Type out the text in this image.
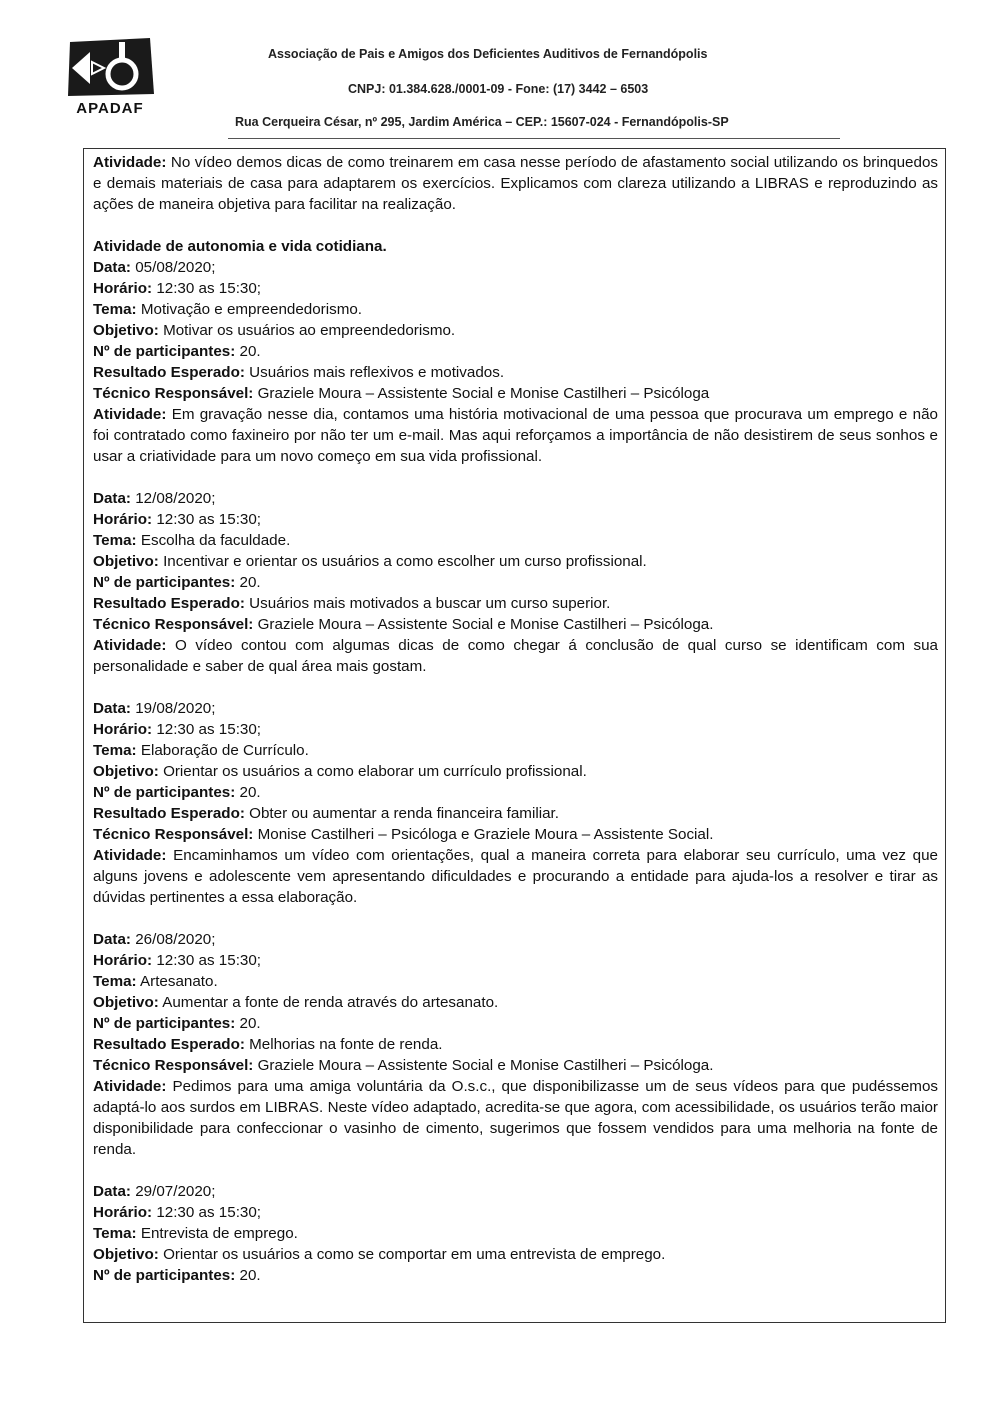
APADAF
Associação de Pais e Amigos dos Deficientes Auditivos de Fernandópolis
CNPJ: 01.384.628./0001-09 - Fone: (17) 3442 – 6503
Rua Cerqueira César, nº 295, Jardim América – CEP.: 15607-024 - Fernandópolis-SP
Atividade: No vídeo demos dicas de como treinarem em casa nesse período de afastamento social utilizando os brinquedos e demais materiais de casa para adaptarem os exercícios. Explicamos com clareza utilizando a LIBRAS e reproduzindo as ações de maneira objetiva para facilitar na realização.
Atividade de autonomia e vida cotidiana.
Data: 05/08/2020;
Horário: 12:30 as 15:30;
Tema: Motivação e empreendedorismo.
Objetivo: Motivar os usuários ao empreendedorismo.
Nº de participantes: 20.
Resultado Esperado: Usuários mais reflexivos e motivados.
Técnico Responsável: Graziele Moura – Assistente Social e Monise Castilheri – Psicóloga
Atividade: Em gravação nesse dia, contamos uma história motivacional de uma pessoa que procurava um emprego e não foi contratado como faxineiro por não ter um e-mail. Mas aqui reforçamos a importância de não desistirem de seus sonhos e usar a criatividade para um novo começo em sua vida profissional.
Data: 12/08/2020;
Horário: 12:30 as 15:30;
Tema: Escolha da faculdade.
Objetivo: Incentivar e orientar os usuários a como escolher um curso profissional.
Nº de participantes: 20.
Resultado Esperado: Usuários mais motivados a buscar um curso superior.
Técnico Responsável: Graziele Moura – Assistente Social e Monise Castilheri – Psicóloga.
Atividade: O vídeo contou com algumas dicas de como chegar á conclusão de qual curso se identificam com sua personalidade e saber de qual área mais gostam.
Data: 19/08/2020;
Horário: 12:30 as 15:30;
Tema: Elaboração de Currículo.
Objetivo: Orientar os usuários a como elaborar um currículo profissional.
Nº de participantes: 20.
Resultado Esperado: Obter ou aumentar a renda financeira familiar.
Técnico Responsável: Monise Castilheri – Psicóloga e Graziele Moura – Assistente Social.
Atividade: Encaminhamos um vídeo com orientações, qual a maneira correta para elaborar seu currículo, uma vez que alguns jovens e adolescente vem apresentando dificuldades e procurando a entidade para ajuda-los a resolver e tirar as dúvidas pertinentes a essa elaboração.
Data: 26/08/2020;
Horário: 12:30 as 15:30;
Tema: Artesanato.
Objetivo: Aumentar a fonte de renda através do artesanato.
Nº de participantes: 20.
Resultado Esperado: Melhorias na fonte de renda.
Técnico Responsável: Graziele Moura – Assistente Social e Monise Castilheri – Psicóloga.
Atividade: Pedimos para uma amiga voluntária da O.s.c., que disponibilizasse um de seus vídeos para que pudéssemos adaptá-lo aos surdos em LIBRAS. Neste vídeo adaptado, acredita-se que agora, com acessibilidade, os usuários terão maior disponibilidade para confeccionar o vasinho de cimento, sugerimos que fossem vendidos para uma melhoria na fonte de renda.
Data: 29/07/2020;
Horário: 12:30 as 15:30;
Tema: Entrevista de emprego.
Objetivo: Orientar os usuários a como se comportar em uma entrevista de emprego.
Nº de participantes: 20.
